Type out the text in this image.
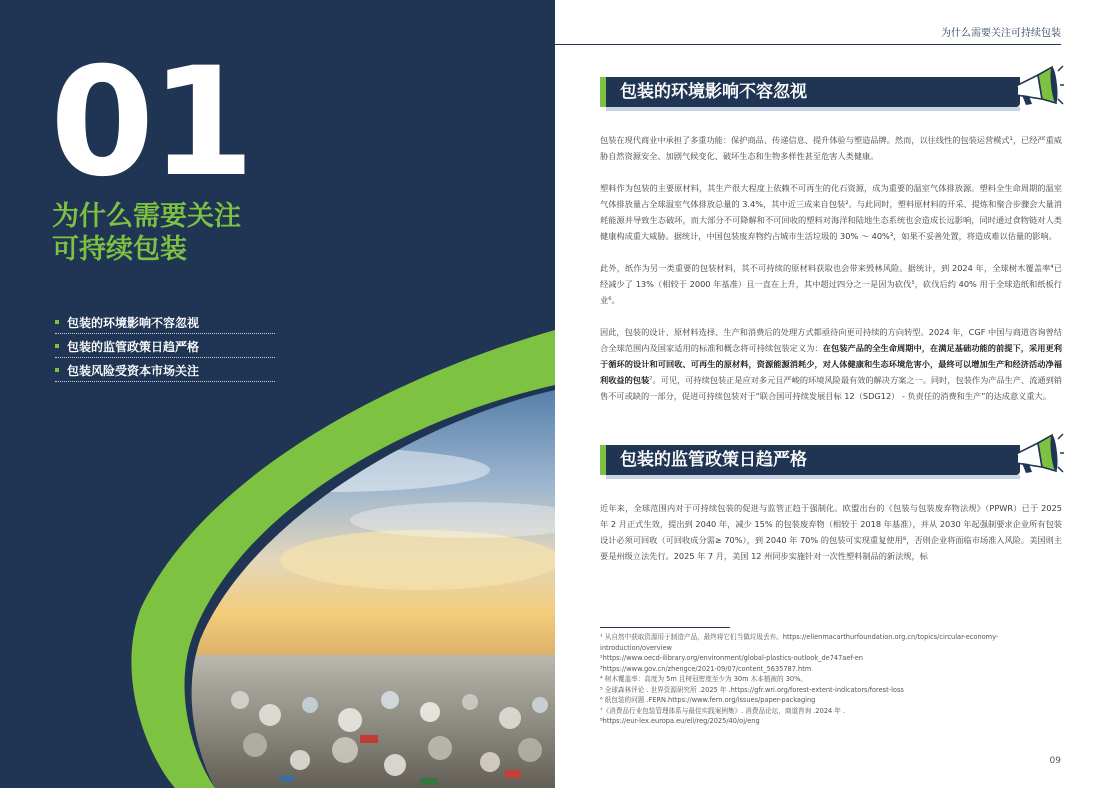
01
为什么需要关注
可持续包装
包装的环境影响不容忽视
包装的监管政策日趋严格
包装风险受资本市场关注
为什么需要关注可持续包装
包装的环境影响不容忽视

包装在现代商业中承担了多重功能：保护商品、传递信息、提升体验与塑造品牌。然而，以往线性的包装运营模式¹，已经严重威胁自然资源安全、加剧气候变化、破坏生态和生物多样性甚至危害人类健康。

塑料作为包装的主要原材料，其生产很大程度上依赖不可再生的化石资源，成为重要的温室气体排放源。塑料全生命周期的温室气体排放量占全球温室气体排放总量的 3.4%，其中近三成来自包装²。与此同时，塑料原材料的开采、提炼和聚合步骤会大量消耗能源并导致生态破坏，而大部分不可降解和不可回收的塑料对海洋和陆地生态系统也会造成长远影响，同时通过食物链对人类健康构成重大威胁。据统计，中国包装废弃物约占城市生活垃圾的 30% ～ 40%³，如果不妥善处置，将造成难以估量的影响。

此外，纸作为另一类重要的包装材料，其不可持续的原材料获取也会带来毁林风险。据统计，到 2024 年，全球树木覆盖率⁴已经减少了 13%（相较于 2000 年基准）且一直在上升，其中超过四分之一是因为砍伐⁵，砍伐后约 40% 用于全球造纸和纸板行业⁶。

因此，包装的设计、原材料选择、生产和消费后的处理方式都亟待向更可持续的方向转型。2024 年，CGF 中国与商道咨询曾结合全球范围内及国家适用的标准和概念将可持续包装定义为：在包装产品的全生命周期中，在满足基础功能的前提下，采用更利于循环的设计和可回收、可再生的原材料，资源能源消耗少，对人体健康和生态环境危害小，最终可以增加生产和经济活动净福利收益的包装⁷。可见，可持续包装正是应对多元且严峻的环境风险最有效的解决方案之一。同时，包装作为产品生产、流通到销售不可或缺的一部分，促进可持续包装对于“联合国可持续发展目标 12（SDG12） - 负责任的消费和生产”的达成意义重大。

包装的监管政策日趋严格

近年来，全球范围内对于可持续包装的促进与监管正趋于强制化。欧盟出台的《包装与包装废弃物法规》（PPWR）已于 2025 年 2 月正式生效，提出到 2040 年，减少 15% 的包装废弃物（相较于 2018 年基准），并从 2030 年起强制要求企业所有包装设计必须可回收（可回收成分需≥ 70%），到 2040 年 70% 的包装可实现重复使用⁸，否则企业将面临市场准入风险。美国则主要是州级立法先行。2025 年 7 月，美国 12 州同步实施针对一次性塑料制品的新法规，标

¹ 从自然中获取资源用于制造产品，最终将它们当做垃圾丢弃。https://ellenmacarthurfoundation.org.cn/topics/circular-economy-introduction/overview
²https://www.oecd-ilibrary.org/environment/global-plastics-outlook_de747aef-en
³https://www.gov.cn/zhengce/2021-09/07/content_5635787.htm
⁴ 树木覆盖率：高度为 5m 且树冠密度至少为 30m 木本植被的 30%。
⁵ 全球森林评论 . 世界资源研究所 .2025 年 .https://gfr.wri.org/forest-extent-indicators/forest-loss
⁶ 纸包装的问题 .FERN.https://www.fern.org/issues/paper-packaging
⁷《消费品行业包装管理体系与最佳实践案例集》. 消费品论坛，商道咨询 .2024 年 .
⁸https://eur-lex.europa.eu/eli/reg/2025/40/oj/eng
09
